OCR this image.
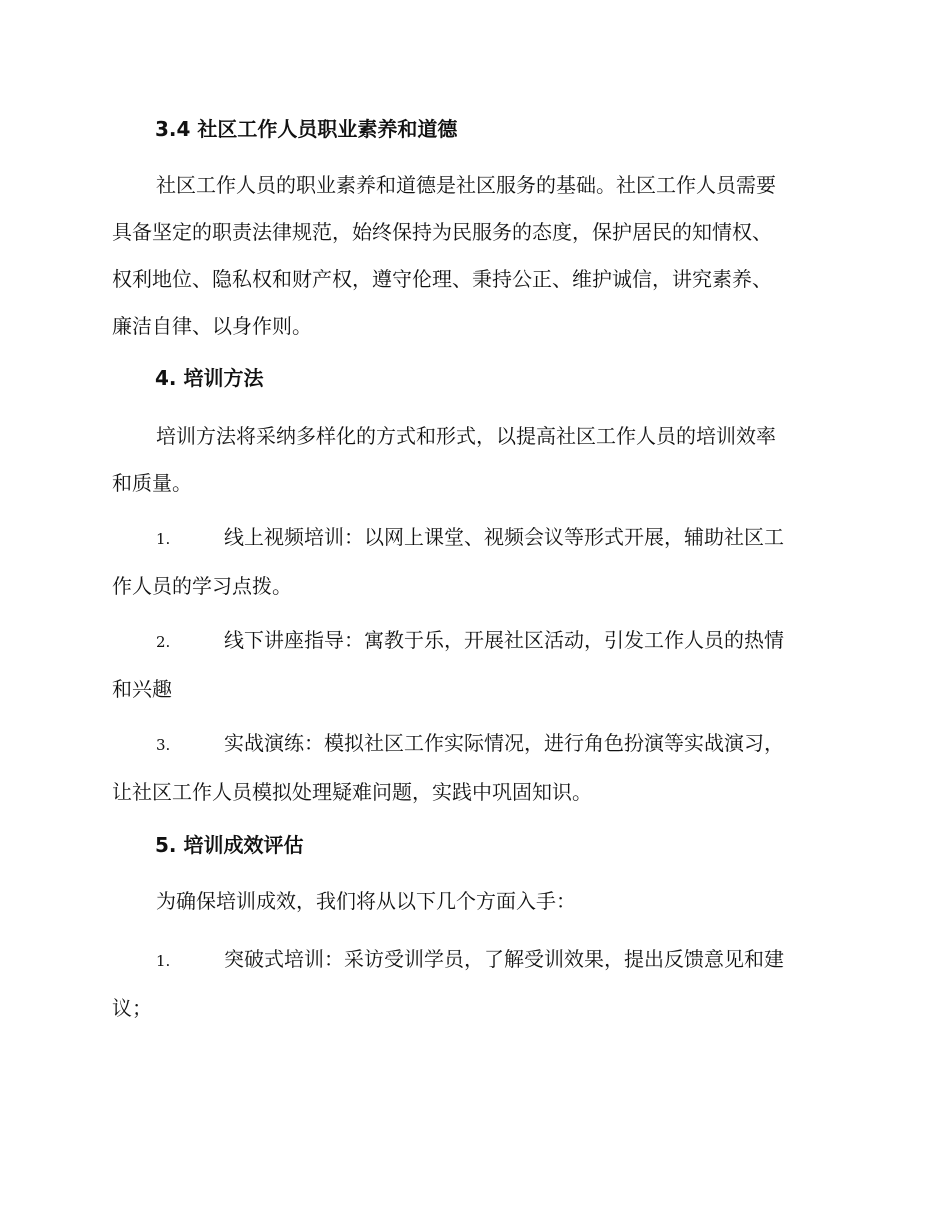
3.4 社区工作人员职业素养和道德

社区工作人员的职业素养和道德是社区服务的基础。社区工作人员需要
具备坚定的职责法律规范，始终保持为民服务的态度，保护居民的知情权、
权利地位、隐私权和财产权，遵守伦理、秉持公正、维护诚信，讲究素养、
廉洁自律、以身作则。

4. 培训方法

培训方法将采纳多样化的方式和形式，以提高社区工作人员的培训效率
和质量。

1.	线上视频培训：以网上课堂、视频会议等形式开展，辅助社区工
作人员的学习点拨。
2.	线下讲座指导：寓教于乐，开展社区活动，引发工作人员的热情
和兴趣
3.	实战演练：模拟社区工作实际情况，进行角色扮演等实战演习，
让社区工作人员模拟处理疑难问题，实践中巩固知识。
5. 培训成效评估

为确保培训成效，我们将从以下几个方面入手：

1.	突破式培训：采访受训学员，了解受训效果，提出反馈意见和建
议；
